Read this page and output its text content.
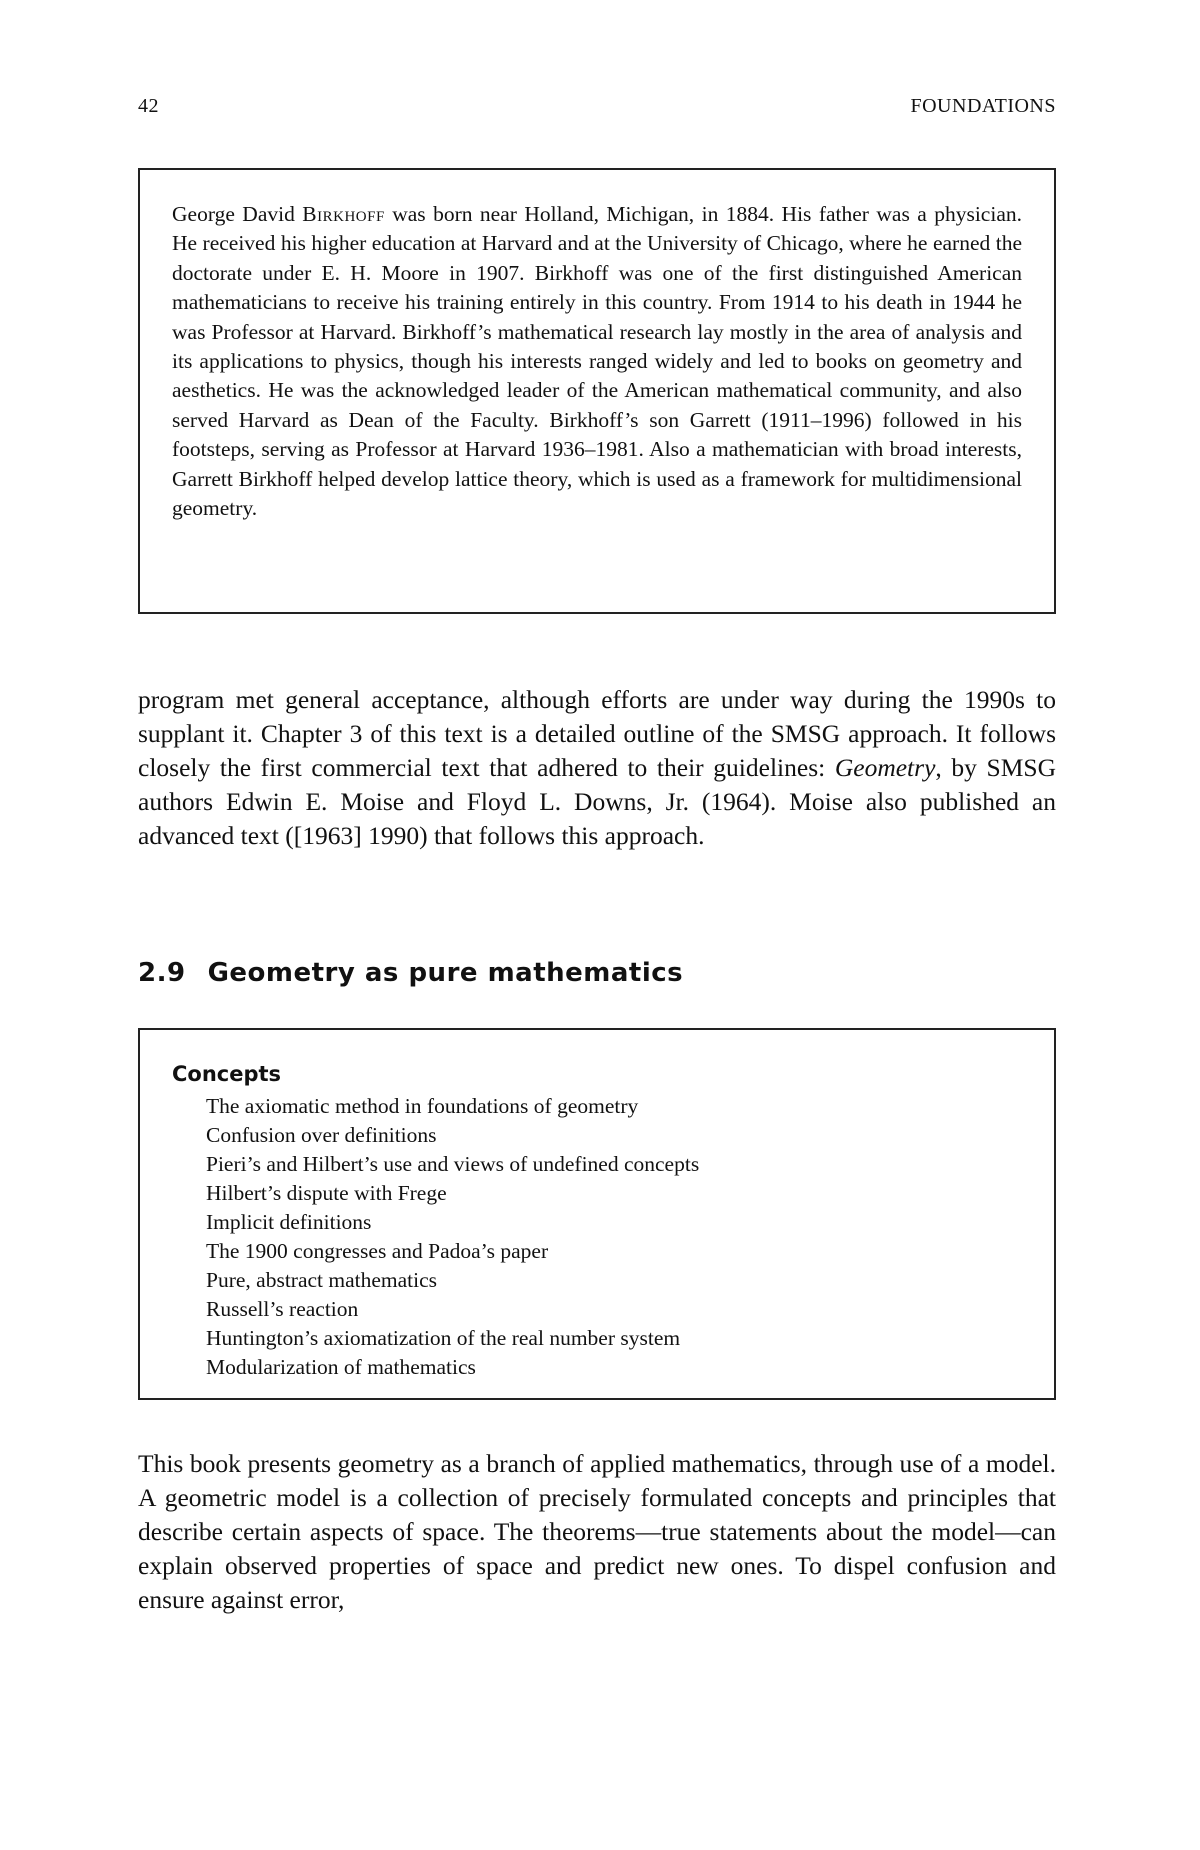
42	FOUNDATIONS

George David Birkhoff was born near Holland, Michigan, in 1884. His father was a physician. He received his higher education at Harvard and at the University of Chicago, where he earned the doctorate under E. H. Moore in 1907. Birkhoff was one of the first distinguished American mathematicians to receive his training entirely in this country. From 1914 to his death in 1944 he was Professor at Harvard. Birkhoff’s mathematical research lay mostly in the area of analysis and its applications to physics, though his interests ranged widely and led to books on geometry and aesthetics. He was the acknowledged leader of the American mathematical community, and also served Harvard as Dean of the Faculty. Birkhoff’s son Garrett (1911–1996) followed in his footsteps, serving as Professor at Harvard 1936–1981. Also a mathematician with broad interests, Garrett Birkhoff helped develop lattice theory, which is used as a framework for multidimensional geometry.

program met general acceptance, although efforts are under way during the 1990s to supplant it. Chapter 3 of this text is a detailed outline of the SMSG approach. It follows closely the first commercial text that adhered to their guidelines: Geometry, by SMSG authors Edwin E. Moise and Floyd L. Downs, Jr. (1964). Moise also published an advanced text ([1963] 1990) that follows this approach.

2.9 Geometry as pure mathematics
Concepts
The axiomatic method in foundations of geometry
Confusion over definitions
Pieri’s and Hilbert’s use and views of undefined concepts
Hilbert’s dispute with Frege
Implicit definitions
The 1900 congresses and Padoa’s paper
Pure, abstract mathematics
Russell’s reaction
Huntington’s axiomatization of the real number system
Modularization of mathematics

This book presents geometry as a branch of applied mathematics, through use of a model. A geometric model is a collection of precisely formulated concepts and principles that describe certain aspects of space. The theorems—true statements about the model—can explain observed properties of space and predict new ones. To dispel confusion and ensure against error,
